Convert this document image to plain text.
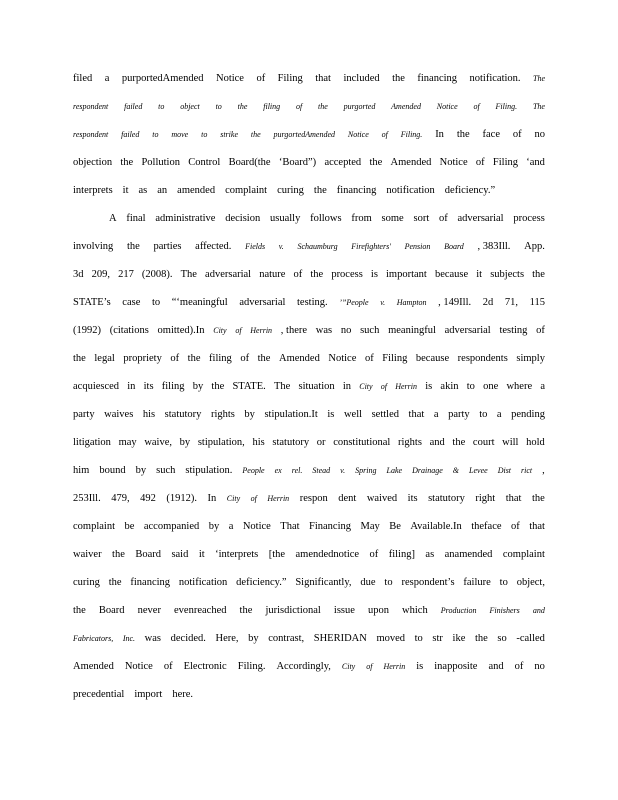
filed a purportedAmended Notice of Filing that included the financing notification. The
respondent failed to object to the filing of the purgorted Amended Notice of Filing. The
respondent failed to move to strike the purgortedAmended Notice of Filing. In the face of no
objection the Pollution Control Board(the ‘Board”) accepted the Amended Notice of Filing ‘and
interprets it as an amended complaint curing the financing notification deficiency.”
A final administrative decision usually follows from some sort of adversarial process
involving the parties affected. Fields v. Schaumburg Firefighters' Pension Board , 383Ill. App.
3d 209, 217 (2008). The adversarial nature of the process is important because it subjects the
STATE’s case to “‘meaningful adversarial testing. ’”People v. Hampton , 149Ill. 2d 71, 115
(1992) (citations omitted).In City of Herrin , there was no such meaningful adversarial testing of
the legal propriety of the filing of the Amended Notice of Filing because respondents simply
acquiesced in its filing by the STATE. The situation in City of Herrin is akin to one where a
party waives his statutory rights by stipulation.It is well settled that a party to a pending
litigation may waive, by stipulation, his statutory or constitutional rights and the court will hold
him bound by such stipulation. People ex rel. Stead v. Spring Lake Drainage & Levee Dist rict ,
253Ill. 479, 492 (1912). In City of Herrin respon dent waived its statutory right that the
complaint be accompanied by a Notice That Financing May Be Available.In theface of that
waiver the Board said it ‘interprets [the amendednotice of filing] as anamended complaint
curing the financing notification deficiency.” Significantly, due to respondent’s failure to object,
the Board never evenreached the jurisdictional issue upon which Production Finishers and
Fabricators, Inc. was decided. Here, by contrast, SHERIDAN moved to str ike the so -called
Amended Notice of Electronic Filing. Accordingly, City of Herrin is inapposite and of no
precedential import here.
